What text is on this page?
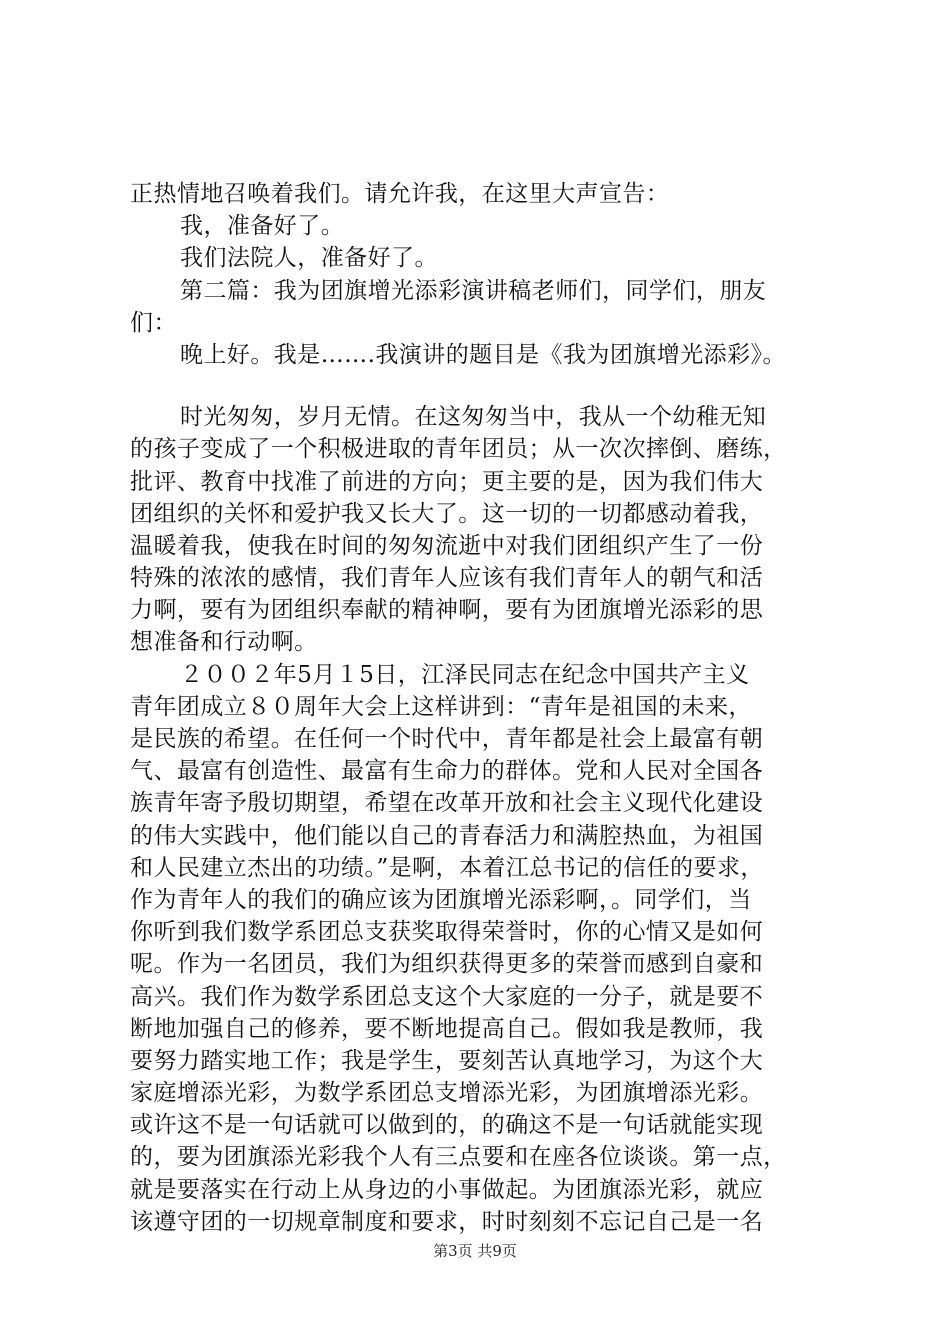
正热情地召唤着我们。请允许我，在这里大声宣告：
我，准备好了。
我们法院人，准备好了。
第二篇：我为团旗增光添彩演讲稿老师们，同学们，朋友
们：
晚上好。我是…….我演讲的题目是《我为团旗增光添彩》。
时光匆匆，岁月无情。在这匆匆当中，我从一个幼稚无知
的孩子变成了一个积极进取的青年团员；从一次次摔倒、磨练，
批评、教育中找准了前进的方向；更主要的是，因为我们伟大
团组织的关怀和爱护我又长大了。这一切的一切都感动着我，
温暖着我，使我在时间的匆匆流逝中对我们团组织产生了一份
特殊的浓浓的感情，我们青年人应该有我们青年人的朝气和活
力啊，要有为团组织奉献的精神啊，要有为团旗增光添彩的思
想准备和行动啊。
２００２年5月１5日，江泽民同志在纪念中国共产主义
青年团成立８０周年大会上这样讲到：“青年是祖国的未来，
是民族的希望。在任何一个时代中，青年都是社会上最富有朝
气、最富有创造性、最富有生命力的群体。党和人民对全国各
族青年寄予殷切期望，希望在改革开放和社会主义现代化建设
的伟大实践中，他们能以自己的青春活力和满腔热血，为祖国
和人民建立杰出的功绩。”是啊，本着江总书记的信任的要求，
作为青年人的我们的确应该为团旗增光添彩啊，。同学们，当
你听到我们数学系团总支获奖取得荣誉时，你的心情又是如何
呢。作为一名团员，我们为组织获得更多的荣誉而感到自豪和
高兴。我们作为数学系团总支这个大家庭的一分子，就是要不
断地加强自己的修养，要不断地提高自己。假如我是教师，我
要努力踏实地工作；我是学生，要刻苦认真地学习，为这个大
家庭增添光彩，为数学系团总支增添光彩，为团旗增添光彩。
或许这不是一句话就可以做到的，的确这不是一句话就能实现
的，要为团旗添光彩我个人有三点要和在座各位谈谈。第一点，
就是要落实在行动上从身边的小事做起。为团旗添光彩，就应
该遵守团的一切规章制度和要求，时时刻刻不忘记自己是一名
第3页 共9页
